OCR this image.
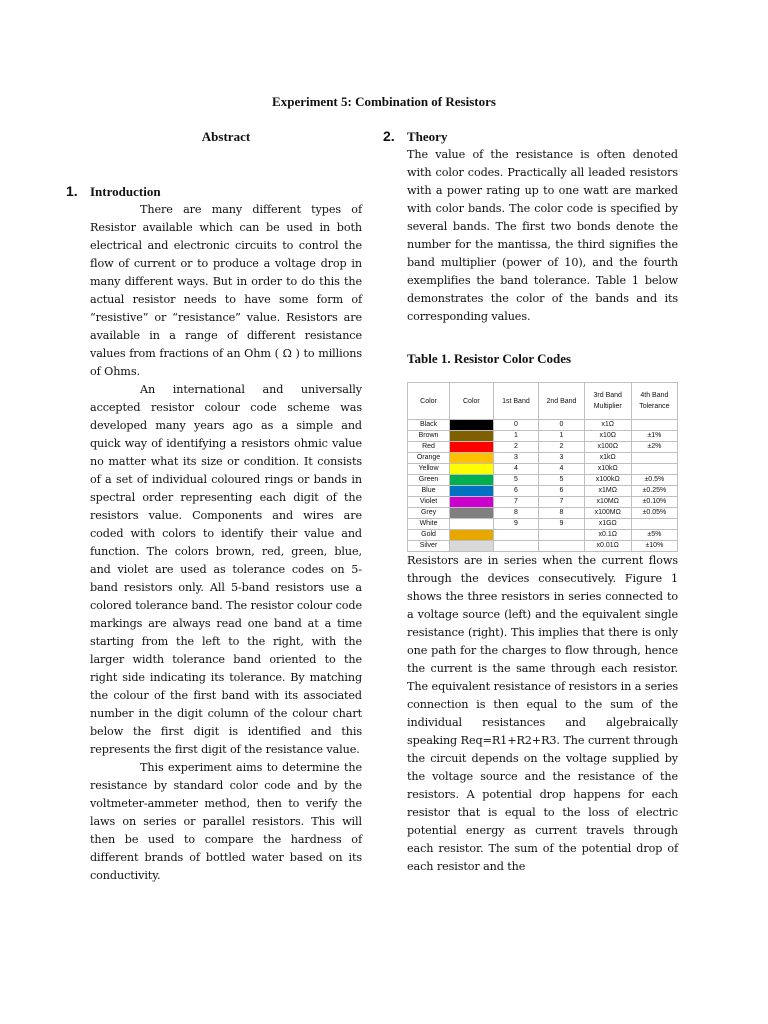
Experiment 5: Combination of Resistors
Abstract
1. Introduction

There are many different types of Resistor available which can be used in both electrical and electronic circuits to control the flow of current or to produce a voltage drop in many different ways. But in order to do this the actual resistor needs to have some form of “resistive” or “resistance” value. Resistors are available in a range of different resistance values from fractions of an Ohm ( Ω ) to millions of Ohms.

An international and universally accepted resistor colour code scheme was developed many years ago as a simple and quick way of identifying a resistors ohmic value no matter what its size or condition. It consists of a set of individual coloured rings or bands in spectral order representing each digit of the resistors value. Components and wires are coded with colors to identify their value and function. The colors brown, red, green, blue, and violet are used as tolerance codes on 5-band resistors only. All 5-band resistors use a colored tolerance band. The resistor colour code markings are always read one band at a time starting from the left to the right, with the larger width tolerance band oriented to the right side indicating its tolerance. By matching the colour of the first band with its associated number in the digit column of the colour chart below the first digit is identified and this represents the first digit of the resistance value.

This experiment aims to determine the resistance by standard color code and by the voltmeter-ammeter method, then to verify the laws on series or parallel resistors. This will then be used to compare the hardness of different brands of bottled water based on its conductivity.

2. Theory

The value of the resistance is often denoted with color codes. Practically all leaded resistors with a power rating up to one watt are marked with color bands. The color code is specified by several bands. The first two bonds denote the number for the mantissa, the third signifies the band multiplier (power of 10), and the fourth exemplifies the band tolerance. Table 1 below demonstrates the color of the bands and its corresponding values.

Table 1. Resistor Color Codes
Color	Color	1st Band	2nd Band	3rd Band Multiplier	4th Band Tolerance
Black		0	0	x1Ω	
Brown		1	1	x10Ω	±1%
Red		2	2	x100Ω	±2%
Orange		3	3	x1kΩ	
Yellow		4	4	x10kΩ	
Green		5	5	x100kΩ	±0.5%
Blue		6	6	x1MΩ	±0.25%
Violet		7	7	x10MΩ	±0.10%
Grey		8	8	x100MΩ	±0.05%
White		9	9	x1GΩ	
Gold				x0.1Ω	±5%
Silver				x0.01Ω	±10%

Resistors are in series when the current flows through the devices consecutively. Figure 1 shows the three resistors in series connected to a voltage source (left) and the equivalent single resistance (right). This implies that there is only one path for the charges to flow through, hence the current is the same through each resistor. The equivalent resistance of resistors in a series connection is then equal to the sum of the individual resistances and algebraically speaking Req=R1+R2+R3. The current through the circuit depends on the voltage supplied by the voltage source and the resistance of the resistors. A potential drop happens for each resistor that is equal to the loss of electric potential energy as current travels through each resistor. The sum of the potential drop of each resistor and the
